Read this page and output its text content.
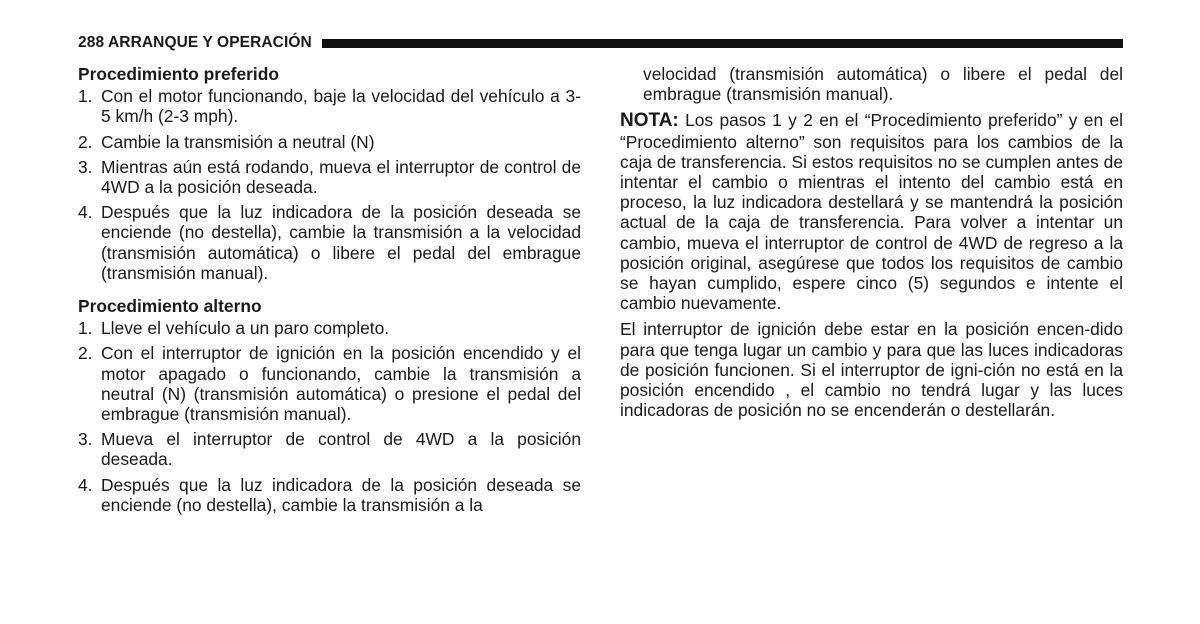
288 ARRANQUE Y OPERACIÓN
Procedimiento preferido
1. Con el motor funcionando, baje la velocidad del vehículo a 3-5 km/h (2-3 mph).
2. Cambie la transmisión a neutral (N)
3. Mientras aún está rodando, mueva el interruptor de control de 4WD a la posición deseada.
4. Después que la luz indicadora de la posición deseada se enciende (no destella), cambie la transmisión a la velocidad (transmisión automática) o libere el pedal del embrague (transmisión manual).
Procedimiento alterno
1. Lleve el vehículo a un paro completo.
2. Con el interruptor de ignición en la posición encendido y el motor apagado o funcionando, cambie la transmisión a neutral (N) (transmisión automática) o presione el pedal del embrague (transmisión manual).
3. Mueva el interruptor de control de 4WD a la posición deseada.
4. Después que la luz indicadora de la posición deseada se enciende (no destella), cambie la transmisión a la

velocidad (transmisión automática) o libere el pedal del embrague (transmisión manual).

NOTA: Los pasos 1 y 2 en el “Procedimiento preferido” y en el “Procedimiento alterno” son requisitos para los cambios de la caja de transferencia. Si estos requisitos no se cumplen antes de intentar el cambio o mientras el intento del cambio está en proceso, la luz indicadora destellará y se mantendrá la posición actual de la caja de transferencia. Para volver a intentar un cambio, mueva el interruptor de control de 4WD de regreso a la posición original, asegúrese que todos los requisitos de cambio se hayan cumplido, espere cinco (5) segundos e intente el cambio nuevamente.

El interruptor de ignición debe estar en la posición encen-dido para que tenga lugar un cambio y para que las luces indicadoras de posición funcionen. Si el interruptor de igni-ción no está en la posición encendido , el cambio no tendrá lugar y las luces indicadoras de posición no se encenderán o destellarán.
